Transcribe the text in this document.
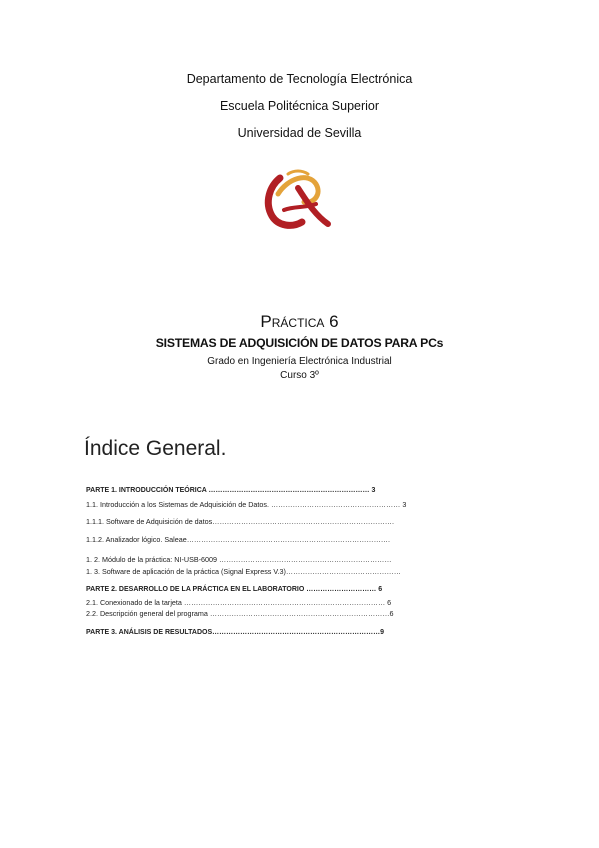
Departamento de Tecnología Electrónica
Escuela Politécnica Superior
Universidad de Sevilla
Práctica 6
SISTEMAS DE ADQUISICIÓN DE DATOS PARA PCs
Grado en Ingeniería Electrónica Industrial
Curso 3º
Índice General.
PARTE 1. INTRODUCCIÓN TEÓRICA …………………………………………………………… 3
1.1. Introducción a los Sistemas de Adquisición de Datos. ……………………………………………… 3
1.1.1. Software de Adquisición de datos………………………………………………………………….
1.1.2. Analizador lógico. Saleae………………………………………………………………………….
1. 2. Módulo de la práctica: NI-USB-6009 ………………………………………………………………
1. 3. Software de aplicación de la práctica (Signal Express V.3)…………………………………………
PARTE 2. DESARROLLO DE LA PRÁCTICA EN EL LABORATORIO ………………………… 6
2.1. Conexionado de la tarjeta ………………………………………………………………………… 6
2.2. Descripción general del programa …………………………………………………………………6
PARTE 3. ANÁLISIS DE RESULTADOS………………………………………………………………9
